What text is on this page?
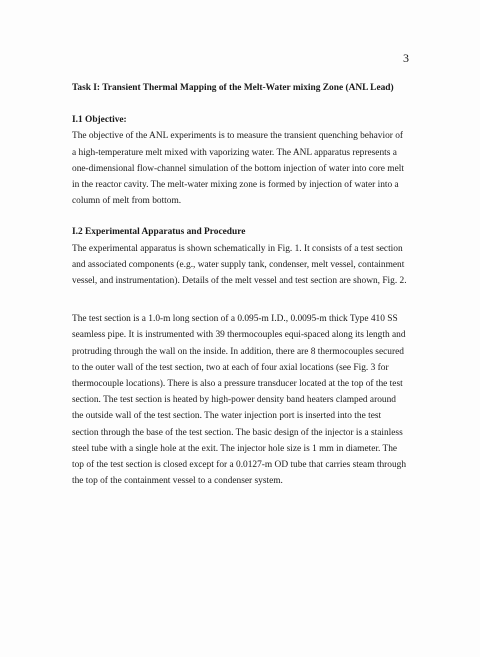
3

Task I: Transient Thermal Mapping of the Melt-Water mixing Zone (ANL Lead)

I.1 Objective:

The objective of the ANL experiments is to measure the transient quenching behavior of
a high-temperature melt mixed with vaporizing water. The ANL apparatus represents a
one-dimensional flow-channel simulation of the bottom injection of water into core melt
in the reactor cavity. The melt-water mixing zone is formed by injection of water into a
column of melt from bottom.

I.2 Experimental Apparatus and Procedure

The experimental apparatus is shown schematically in Fig. 1. It consists of a test section
and associated components (e.g., water supply tank, condenser, melt vessel, containment
vessel, and instrumentation). Details of the melt vessel and test section are shown, Fig. 2.
The test section is a 1.0-m long section of a 0.095-m I.D., 0.0095-m thick Type 410 SS
seamless pipe. It is instrumented with 39 thermocouples equi-spaced along its length and
protruding through the wall on the inside. In addition, there are 8 thermocouples secured
to the outer wall of the test section, two at each of four axial locations (see Fig. 3 for
thermocouple locations). There is also a pressure transducer located at the top of the test
section. The test section is heated by high-power density band heaters clamped around
the outside wall of the test section. The water injection port is inserted into the test
section through the base of the test section. The basic design of the injector is a stainless
steel tube with a single hole at the exit. The injector hole size is 1 mm in diameter. The
top of the test section is closed except for a 0.0127-m OD tube that carries steam through
the top of the containment vessel to a condenser system.
